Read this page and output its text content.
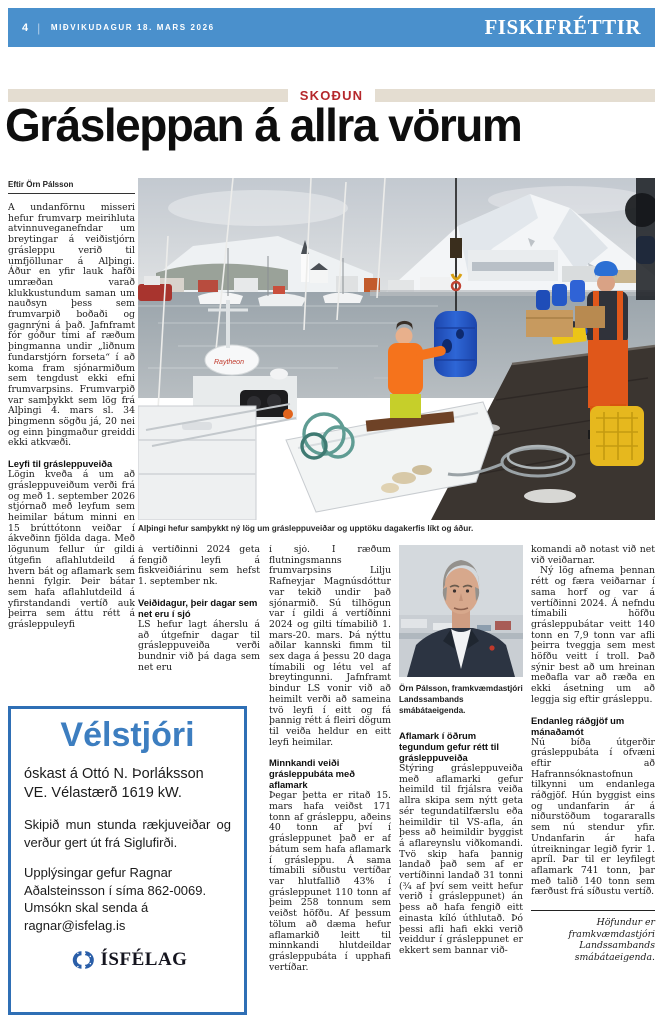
4 | MIÐVIKUDAGUR 18. MARS 2026	FISKIFRÉTTIR
SKOÐUN
Grásleppan á allra vörum
Eftir Örn Pálsson
Raytheon
Alþingi hefur samþykkt ný lög um grásleppuveiðar og upptöku dagakerfis líkt og áður.

Á undanförnu misseri hefur frumvarp meirihluta atvinnuveganefndar um breytingar á veiðistjórn grásleppu verið til umfjöllunar á Alþingi. Áður en yfir lauk hafði umræðan varað klukkustundum saman um nauðsyn þess sem frumvarpið boðaði og gagnrýni á það. Jafnframt fór góður tími af ræðum þingmanna undir „liðnum fundarstjórn forseta“ í að koma fram sjónarmiðum sem tengdust ekki efni frumvarpsins. Frumvarpið var samþykkt sem lög frá Alþingi 4. mars sl. 34 þingmenn sögðu já, 20 nei og einn þingmaður greiddi ekki atkvæði.

Leyfi til grásleppuveiða

Lögin kveða á um að grásleppuveiðum verði frá og með 1. september 2026 stjórnað með leyfum sem heimilar bátum minni en 15 brúttótonn veiðar í ákveðinn fjölda daga. Með lögunum fellur úr gildi útgefin aflahlutdeild á hvern bát og aflamark sem henni fylgir. Þeir bátar sem hafa aflahlutdeild á yfirstandandi vertíð auk þeirra sem áttu rétt á grásleppuleyfi

á vertíðinni 2024 geta fengið leyfi á fiskveiðiárinu sem hefst 1. september nk.

Veiðidagur, þeir dagar sem net eru í sjó

LS hefur lagt áherslu á að útgefnir dagar til grásleppuveiða verði bundnir við þá daga sem net eru

í sjó. Í ræðum flutningsmanns frumvarpsins Lilju Rafneyjar Magnúsdóttur var tekið undir það sjónarmið. Sú tilhögun var í gildi á vertíðinni 2024 og gilti tímabilið 1. mars-20. mars. Þá nýttu aðilar kannski fimm til sex daga á þessu 20 daga tímabili og létu vel af breytingunni. Jafnframt bindur LS vonir við að heimilt verði að sameina tvö leyfi í eitt og fá þannig rétt á fleiri dögum til veiða heldur en eitt leyfi heimilar.

Minnkandi veiði grásleppubáta með aflamark

Þegar þetta er ritað 15. mars hafa veiðst 171 tonn af grásleppu, aðeins 40 tonn af því í grásleppunet það er af bátum sem hafa aflamark í grásleppu. Á sama tímabili síðustu vertíðar var hlutfallið 43% í grásleppunet 110 tonn af þeim 258 tonnum sem veiðst höfðu. Af þessum tölum að dæma hefur aflamarkið leitt til minnkandi hlutdeildar grásleppubáta í upphafi vertíðar.

Örn Pálsson, framkvæmdastjóri Landssambands smábátaeigenda.
Aflamark í öðrum tegundum gefur rétt til grásleppuveiða

Stýring grásleppuveiða með aflamarki gefur heimild til frjálsra veiða allra skipa sem nýtt geta sér tegundatilfærslu eða heimildir til VS-afla, án þess að heimildir byggist á aflareynslu viðkomandi. Tvö skip hafa þannig landað það sem af er vertíðinni landað 31 tonni (¾ af því sem veitt hefur verið í grásleppunet) án þess að hafa fengið eitt einasta kíló úthlutað. Þó þessi afli hafi ekki verið veiddur í grásleppunet er ekkert sem bannar við-

komandi að notast við net við veiðarnar.

Ný lög afnema þennan rétt og færa veiðarnar í sama horf og var á vertíðinni 2024. Á nefndu tímabili höfðu grásleppubátar veitt 140 tonn en 7,9 tonn var afli þeirra tveggja sem mest höfðu veitt í troll. Það sýnir best að um hreinan meðafla var að ræða en ekki ásetning um að leggja sig eftir grásleppu.

Endanleg ráðgjöf um mánaðamót

Nú bíða útgerðir grásleppubáta í ofvæni eftir að Hafrannsóknastofnun tilkynni um endanlega ráðgjöf. Hún byggist eins og undanfarin ár á niðurstöðum togararalls sem nú stendur yfir. Undanfarin ár hafa útreikningar legið fyrir 1. apríl. Þar til er leyfilegt aflamark 741 tonn, þar með talið 140 tonn sem færðust frá síðustu vertíð.

Höfundur er framkvæmdastjóri Landssambands smábátaeigenda.
Vélstjóri
óskast á Ottó N. Þorláksson VE. Vélastærð 1619 kW.
Skipið mun stunda rækjuveiðar og verður gert út frá Siglufirði.
Upplýsingar gefur Ragnar Aðalsteinsson í síma 862-0069. Umsókn skal senda á
ragnar@isfelag.is
ÍSFÉLAG
